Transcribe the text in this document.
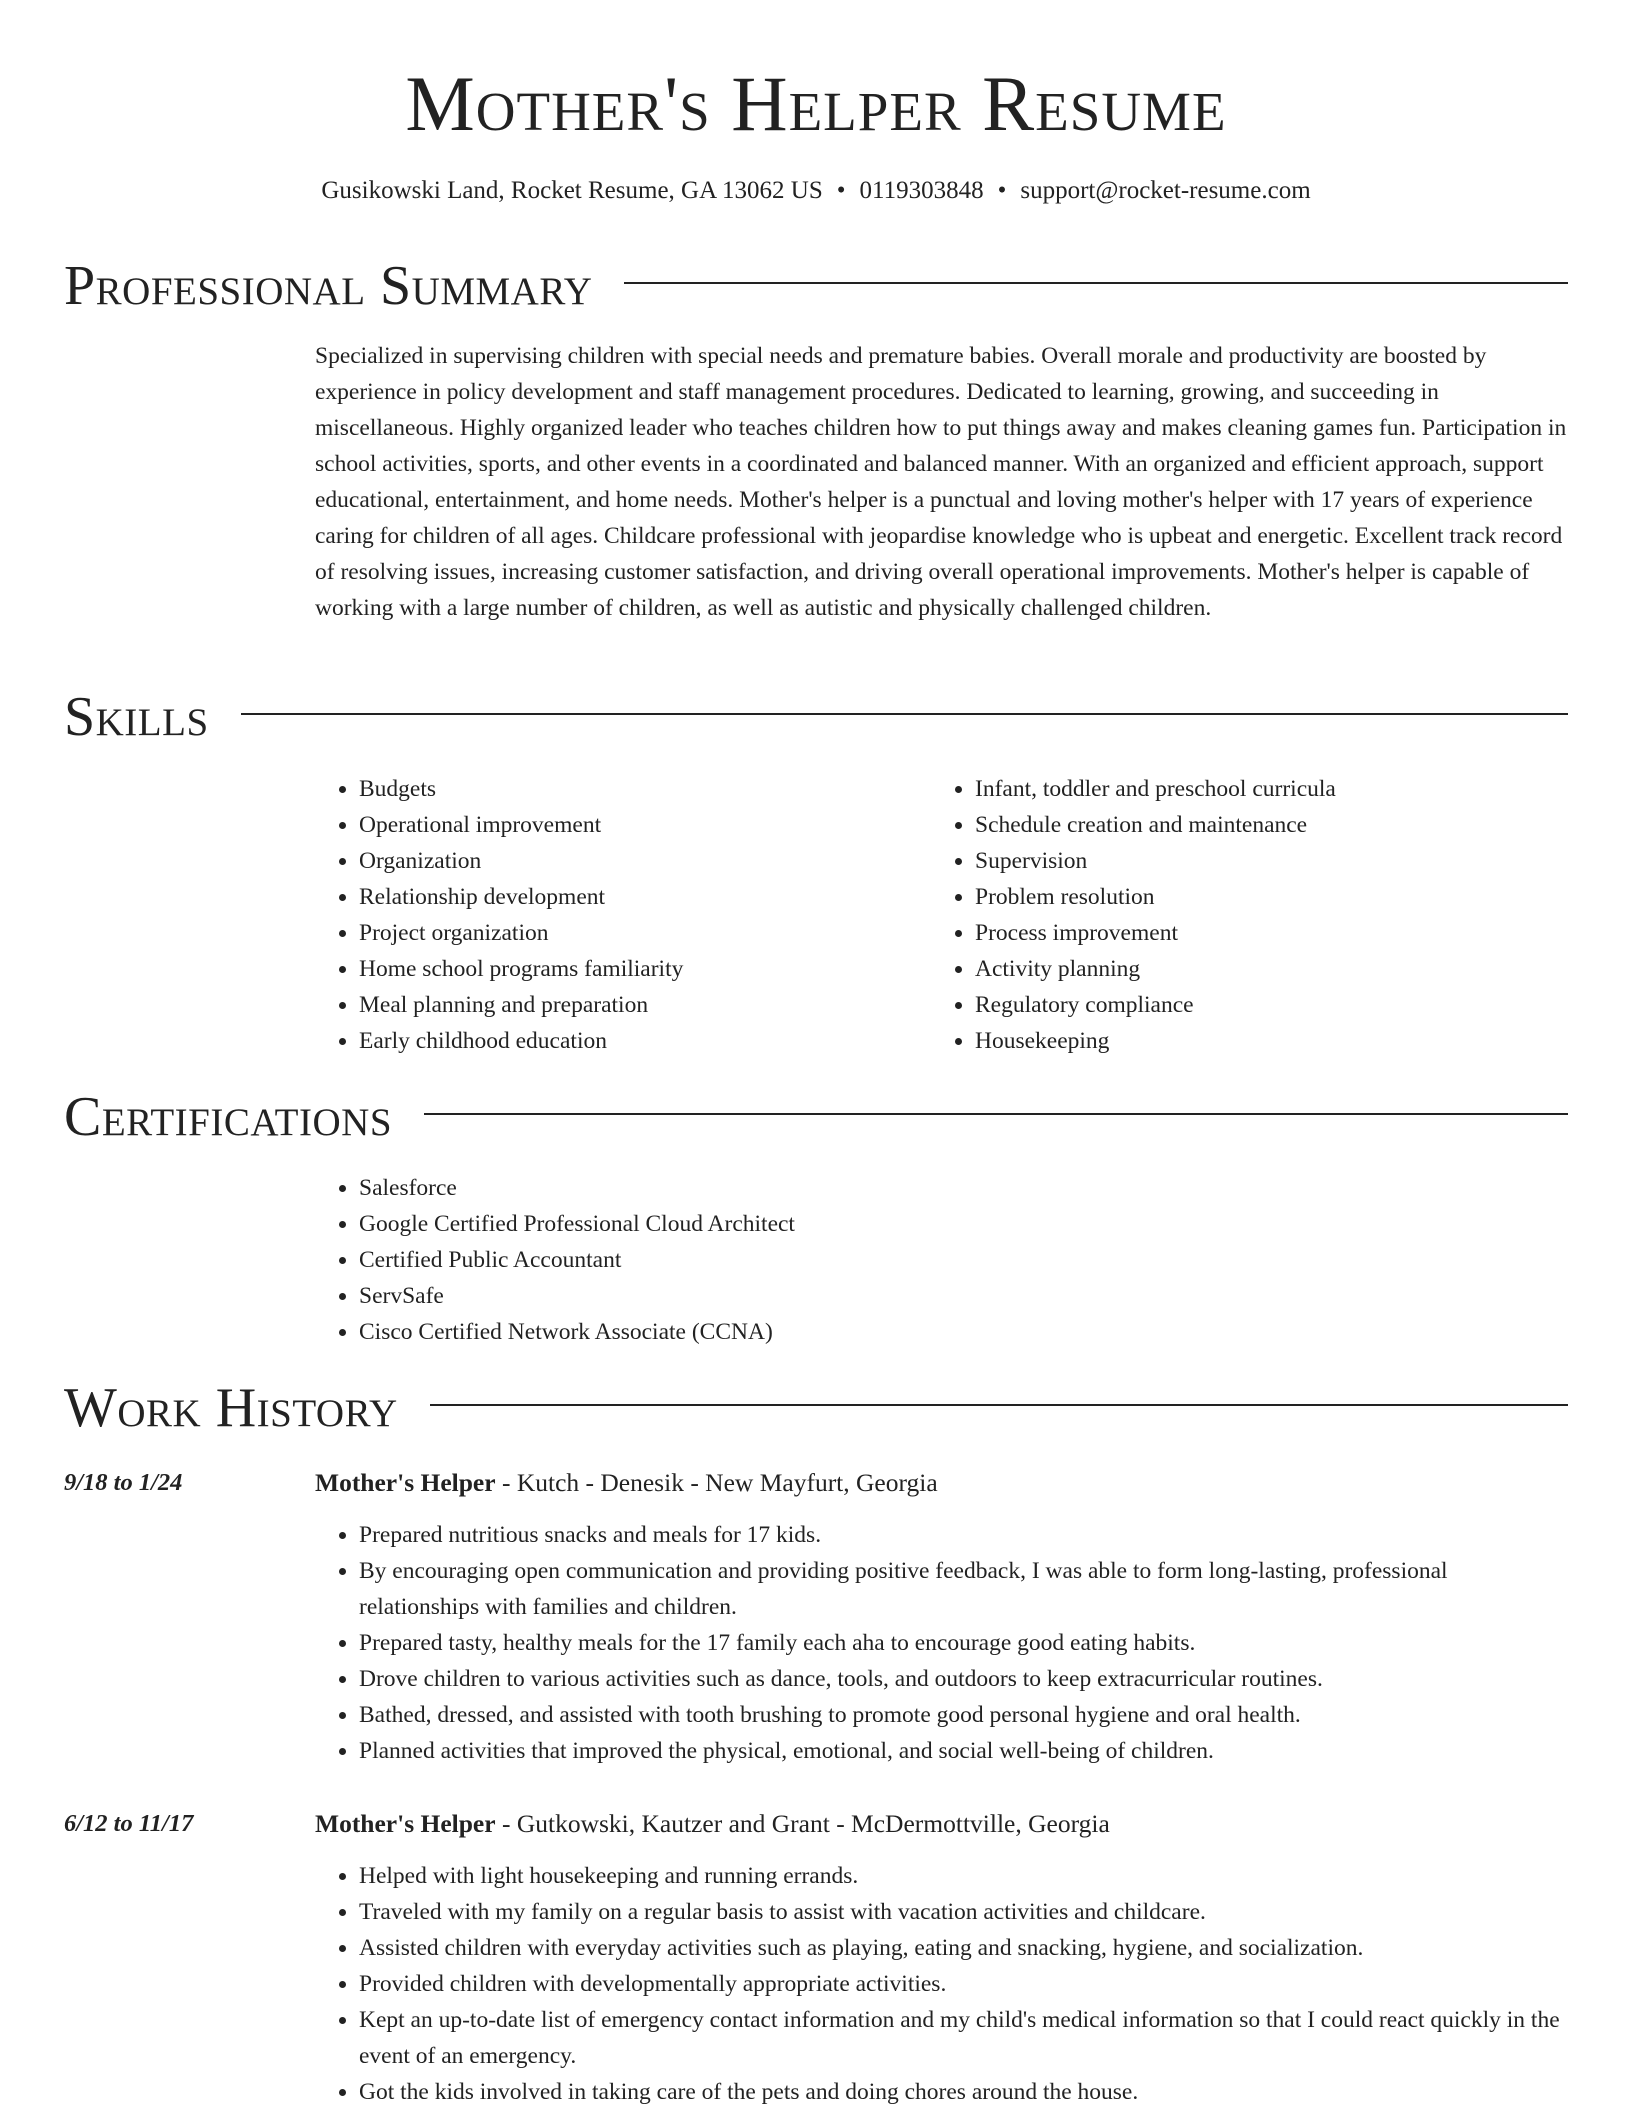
Mother's Helper Resume
Gusikowski Land, Rocket Resume, GA 13062 US • 0119303848 • support@rocket-resume.com
Professional Summary

Specialized in supervising children with special needs and premature babies. Overall morale and productivity are boosted by experience in policy development and staff management procedures. Dedicated to learning, growing, and succeeding in miscellaneous. Highly organized leader who teaches children how to put things away and makes cleaning games fun. Participation in school activities, sports, and other events in a coordinated and balanced manner. With an organized and efficient approach, support educational, entertainment, and home needs. Mother's helper is a punctual and loving mother's helper with 17 years of experience caring for children of all ages. Childcare professional with jeopardise knowledge who is upbeat and energetic. Excellent track record of resolving issues, increasing customer satisfaction, and driving overall operational improvements. Mother's helper is capable of working with a large number of children, as well as autistic and physically challenged children.

Skills
• Budgets
• Operational improvement
• Organization
• Relationship development
• Project organization
• Home school programs familiarity
• Meal planning and preparation
• Early childhood education
• Infant, toddler and preschool curricula
• Schedule creation and maintenance
• Supervision
• Problem resolution
• Process improvement
• Activity planning
• Regulatory compliance
• Housekeeping
Certifications
• Salesforce
• Google Certified Professional Cloud Architect
• Certified Public Accountant
• ServSafe
• Cisco Certified Network Associate (CCNA)
Work History
9/18 to 1/24	Mother's Helper - Kutch - Denesik - New Mayfurt, Georgia
• Prepared nutritious snacks and meals for 17 kids.
• By encouraging open communication and providing positive feedback, I was able to form long-lasting, professional relationships with families and children.
• Prepared tasty, healthy meals for the 17 family each aha to encourage good eating habits.
• Drove children to various activities such as dance, tools, and outdoors to keep extracurricular routines.
• Bathed, dressed, and assisted with tooth brushing to promote good personal hygiene and oral health.
• Planned activities that improved the physical, emotional, and social well-being of children.
6/12 to 11/17	Mother's Helper - Gutkowski, Kautzer and Grant - McDermottville, Georgia
• Helped with light housekeeping and running errands.
• Traveled with my family on a regular basis to assist with vacation activities and childcare.
• Assisted children with everyday activities such as playing, eating and snacking, hygiene, and socialization.
• Provided children with developmentally appropriate activities.
• Kept an up-to-date list of emergency contact information and my child's medical information so that I could react quickly in the event of an emergency.
• Got the kids involved in taking care of the pets and doing chores around the house.
